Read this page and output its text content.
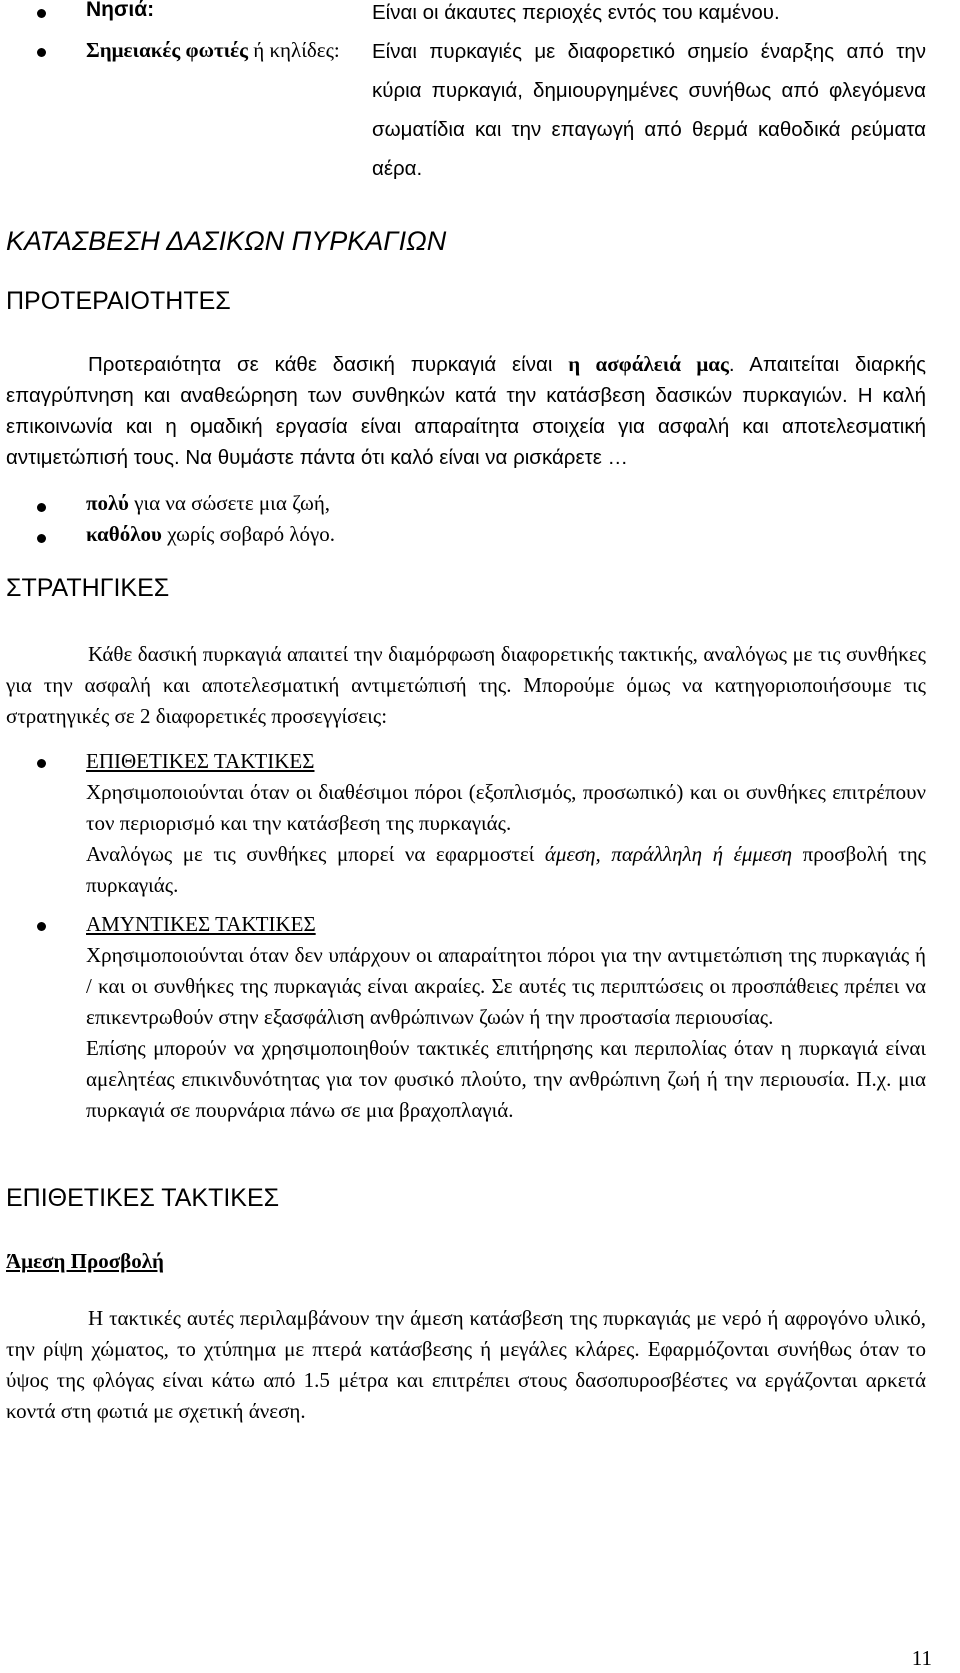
Νησιά:	Είναι οι άκαυτες περιοχές εντός του καμένου.
Σημειακές φωτιές ή κηλίδες: Είναι πυρκαγιές με διαφορετικό σημείο έναρξης από την κύρια πυρκαγιά, δημιουργημένες συνήθως από φλεγόμενα σωματίδια και την επαγωγή από θερμά καθοδικά ρεύματα αέρα.
ΚΑΤΑΣΒΕΣΗ ΔΑΣΙΚΩΝ ΠΥΡΚΑΓΙΩΝ
ΠΡΟΤΕΡΑΙΟΤΗΤΕΣ
Προτεραιότητα σε κάθε δασική πυρκαγιά είναι η ασφάλειά μας. Απαιτείται διαρκής επαγρύπνηση και αναθεώρηση των συνθηκών κατά την κατάσβεση δασικών πυρκαγιών. Η καλή επικοινωνία και η ομαδική εργασία είναι απαραίτητα στοιχεία για ασφαλή και αποτελεσματική αντιμετώπισή τους. Να θυμάστε πάντα ότι καλό είναι να ρισκάρετε …
πολύ για να σώσετε μια ζωή,
καθόλου χωρίς σοβαρό λόγο.
ΣΤΡΑΤΗΓΙΚΕΣ
Κάθε δασική πυρκαγιά απαιτεί την διαμόρφωση διαφορετικής τακτικής, αναλόγως με τις συνθήκες για την ασφαλή και αποτελεσματική αντιμετώπισή της. Μπορούμε όμως να κατηγοριοποιήσουμε τις στρατηγικές σε 2 διαφορετικές προσεγγίσεις:
ΕΠΙΘΕΤΙΚΕΣ ΤΑΚΤΙΚΕΣ
Χρησιμοποιούνται όταν οι διαθέσιμοι πόροι (εξοπλισμός, προσωπικό) και οι συνθήκες επιτρέπουν τον περιορισμό και την κατάσβεση της πυρκαγιάς.
Αναλόγως με τις συνθήκες μπορεί να εφαρμοστεί άμεση, παράλληλη ή έμμεση προσβολή της πυρκαγιάς.
ΑΜΥΝΤΙΚΕΣ ΤΑΚΤΙΚΕΣ
Χρησιμοποιούνται όταν δεν υπάρχουν οι απαραίτητοι πόροι για την αντιμετώπιση της πυρκαγιάς ή / και οι συνθήκες της πυρκαγιάς είναι ακραίες. Σε αυτές τις περιπτώσεις οι προσπάθειες πρέπει να επικεντρωθούν στην εξασφάλιση ανθρώπινων ζωών ή την προστασία περιουσίας.
Επίσης μπορούν να χρησιμοποιηθούν τακτικές επιτήρησης και περιπολίας όταν η πυρκαγιά είναι αμελητέας επικινδυνότητας για τον φυσικό πλούτο, την ανθρώπινη ζωή ή την περιουσία. Π.χ. μια πυρκαγιά σε πουρνάρια πάνω σε μια βραχοπλαγιά.
ΕΠΙΘΕΤΙΚΕΣ ΤΑΚΤΙΚΕΣ
Άμεση Προσβολή
Η τακτικές αυτές περιλαμβάνουν την άμεση κατάσβεση της πυρκαγιάς με νερό ή αφρογόνο υλικό, την ρίψη χώματος, το χτύπημα με πτερά κατάσβεσης ή μεγάλες κλάρες. Εφαρμόζονται συνήθως όταν το ύψος της φλόγας είναι κάτω από 1.5 μέτρα και επιτρέπει στους δασοπυροσβέστες να εργάζονται αρκετά κοντά στη φωτιά με σχετική άνεση.
11
